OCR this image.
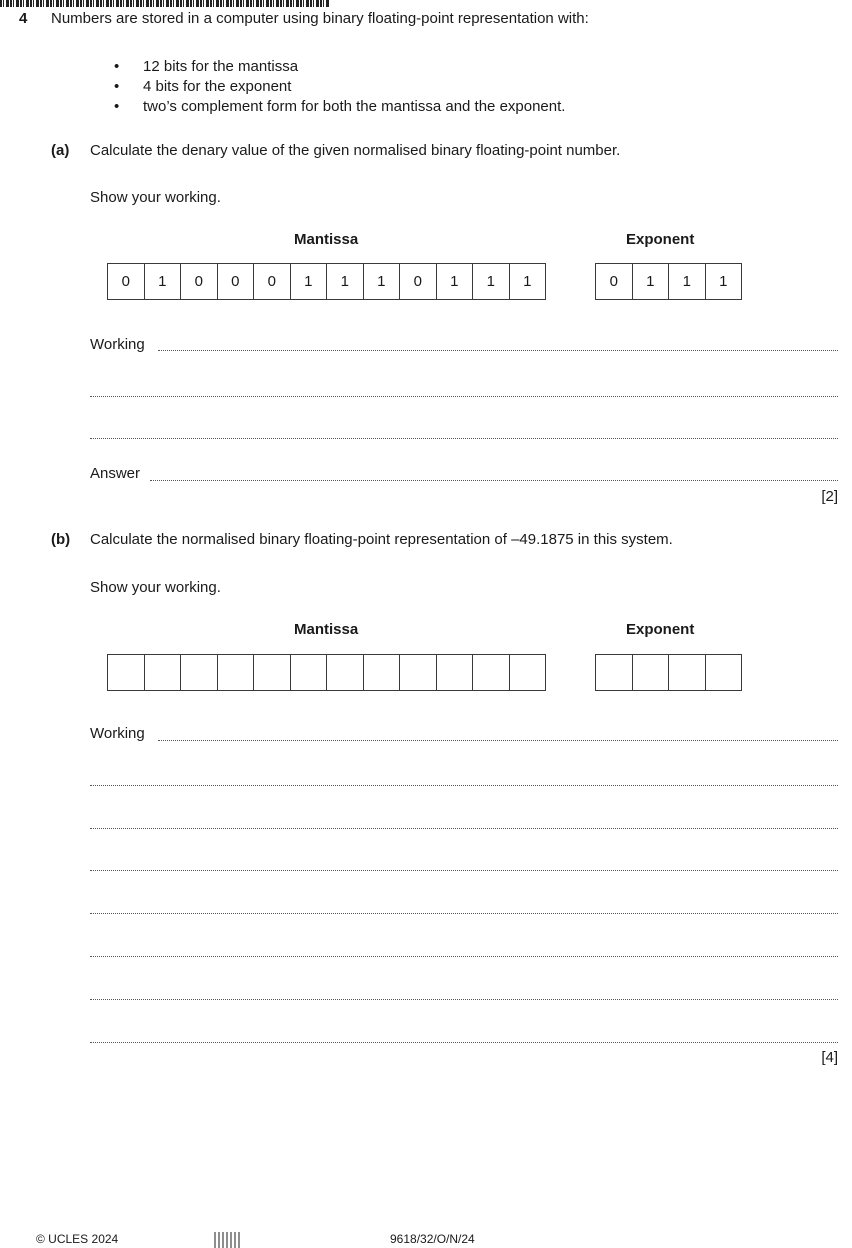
4 Numbers are stored in a computer using binary floating-point representation with:
• 12 bits for the mantissa
• 4 bits for the exponent
• two’s complement form for both the mantissa and the exponent.
(a) Calculate the denary value of the given normalised binary floating-point number.
Show your working.
Mantissa	Exponent
0	1	0	0	0	1	1	1	0	1	1	1	0	1	1	1
Working
Answer
[2]
(b) Calculate the normalised binary floating-point representation of –49.1875 in this system.
Show your working.
Mantissa	Exponent
Working
[4]
© UCLES 2024	9618/32/O/N/24
